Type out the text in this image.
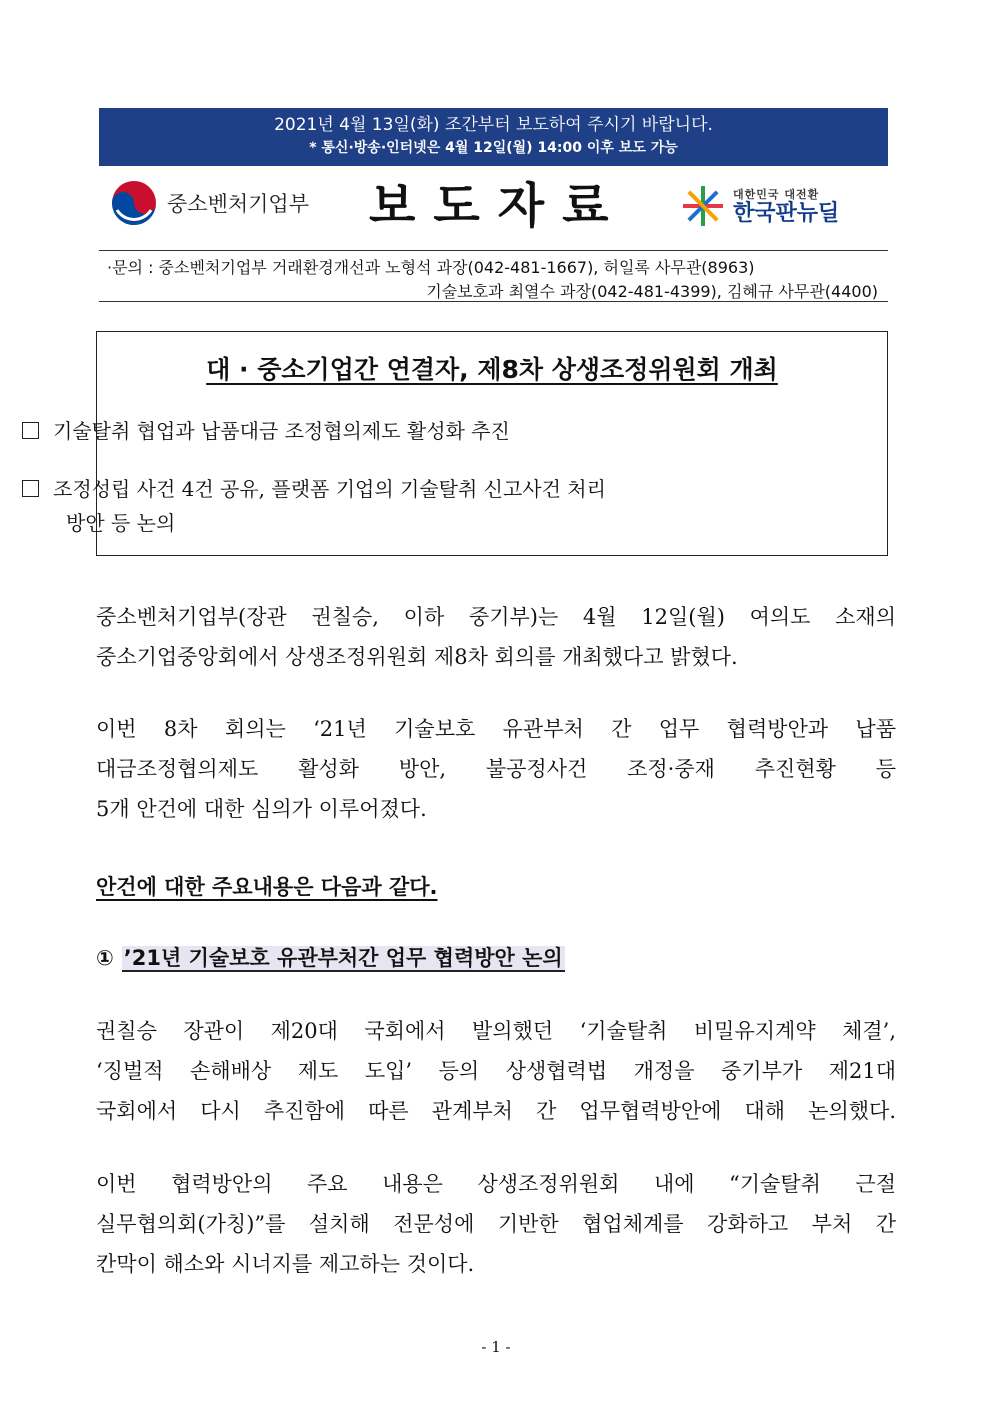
2021년 4월 13일(화) 조간부터 보도하여 주시기 바랍니다.
* 통신·방송·인터넷은 4월 12일(월) 14:00 이후 보도 가능
중소벤처기업부 보도자료	대한민국 대전환
한국판뉴딜
·문의 : 중소벤처기업부 거래환경개선과 노형석 과장(042-481-1667), 허일록 사무관(8963)
기술보호과 최열수 과장(042-481-4399), 김혜규 사무관(4400)
대 · 중소기업간 연결자, 제8차 상생조정위원회 개최
기술탈취 협업과 납품대금 조정협의제도 활성화 추진
조정성립 사건 4건 공유, 플랫폼 기업의 기술탈취 신고사건 처리
방안 등 논의
중소벤처기업부(장관 권칠승, 이하 중기부)는 4월 12일(월) 여의도 소재의
중소기업중앙회에서 상생조정위원회 제8차 회의를 개최했다고 밝혔다.
이번 8차 회의는 ‘21년 기술보호 유관부처 간 업무 협력방안과 납품
대금조정협의제도 활성화 방안, 불공정사건 조정·중재 추진현황 등
5개 안건에 대한 심의가 이루어졌다.
안건에 대한 주요내용은 다음과 같다.
① ’21년 기술보호 유관부처간 업무 협력방안 논의
권칠승 장관이 제20대 국회에서 발의했던 ‘기술탈취 비밀유지계약 체결’,
‘징벌적 손해배상 제도 도입’ 등의 상생협력법 개정을 중기부가 제21대
국회에서 다시 추진함에 따른 관계부처 간 업무협력방안에 대해 논의했다.
이번 협력방안의 주요 내용은 상생조정위원회 내에 “기술탈취 근절
실무협의회(가칭)”를 설치해 전문성에 기반한 협업체계를 강화하고 부처 간
칸막이 해소와 시너지를 제고하는 것이다.
- 1 -
